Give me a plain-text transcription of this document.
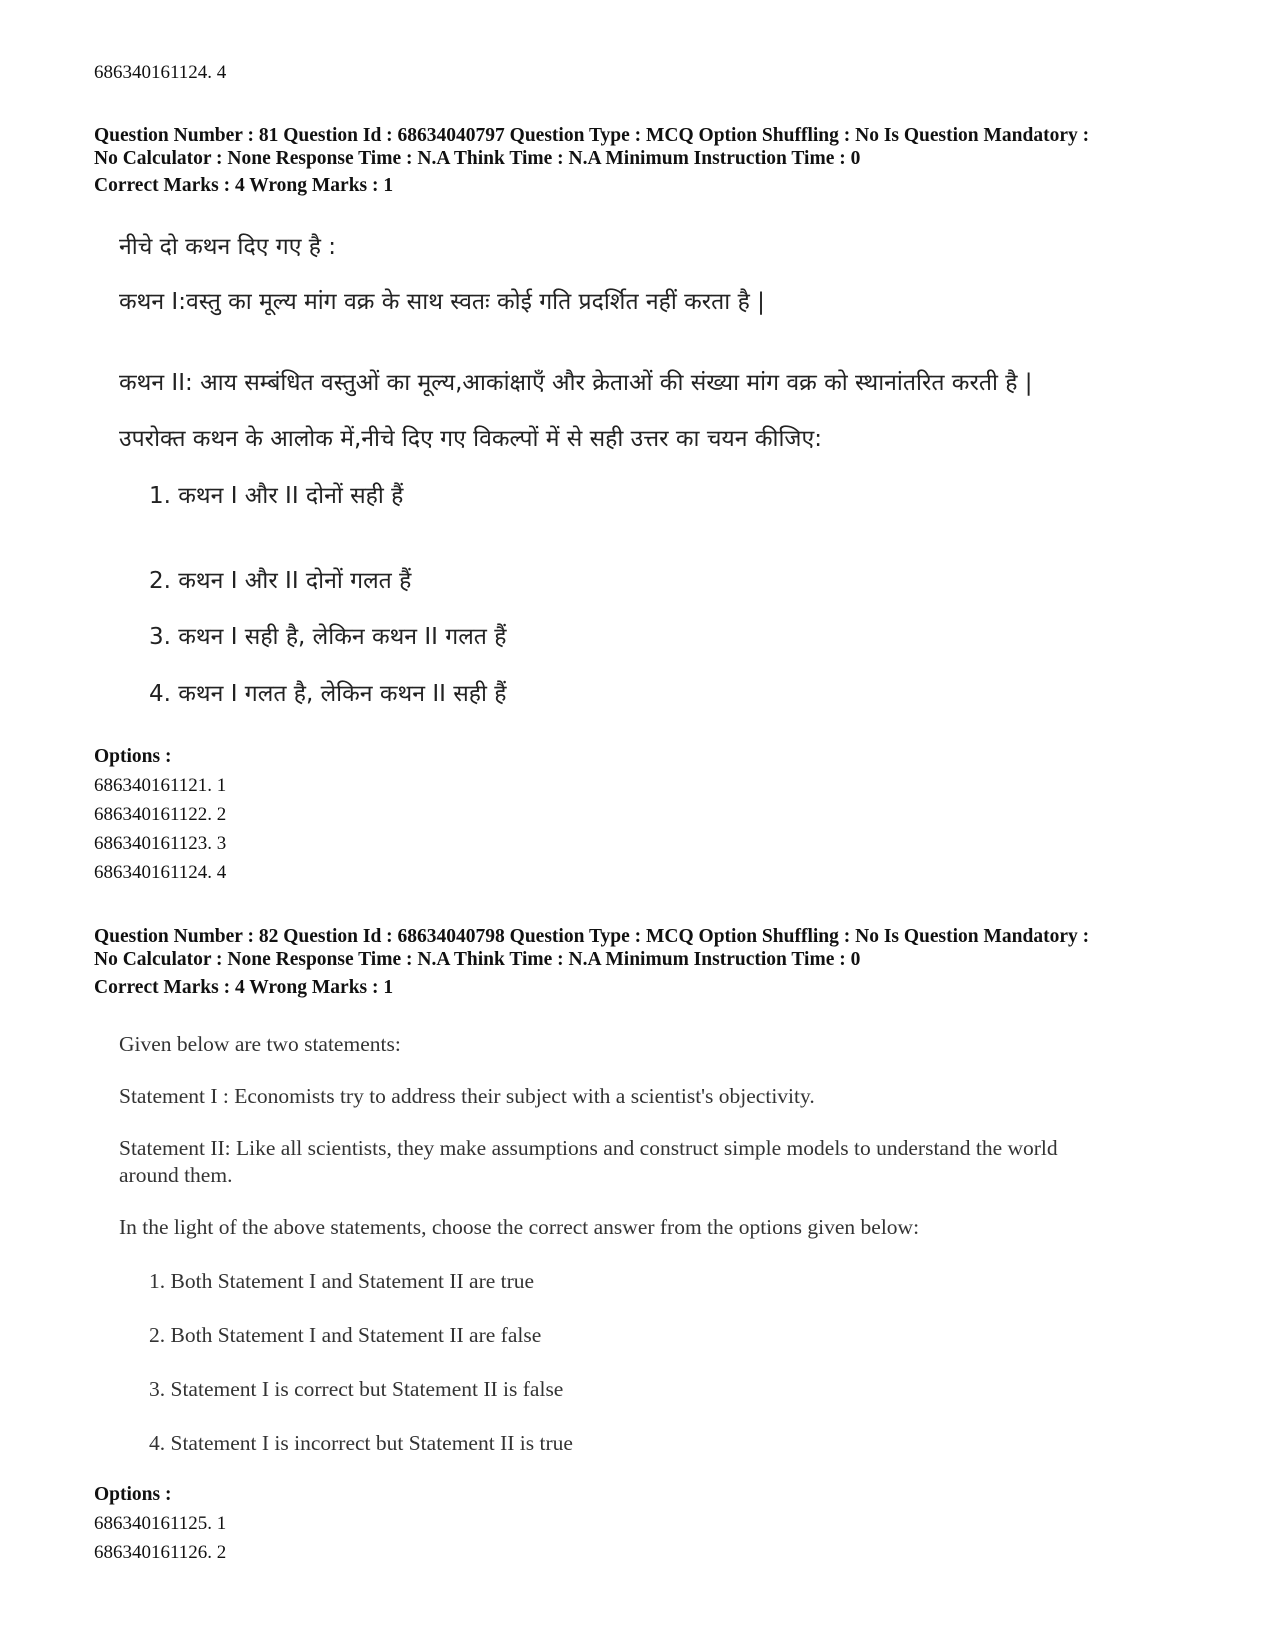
686340161124. 4
Question Number : 81 Question Id : 68634040797 Question Type : MCQ Option Shuffling : No Is Question Mandatory :
No Calculator : None Response Time : N.A Think Time : N.A Minimum Instruction Time : 0
Correct Marks : 4 Wrong Marks : 1
नीचे दो कथन दिए गए है :
कथन I:वस्तु का मूल्य मांग वक्र के साथ स्वतः कोई गति प्रदर्शित नहीं करता है |
कथन II: आय सम्बंधित वस्तुओं का मूल्य,आकांक्षाएँ और क्रेताओं की संख्या मांग वक्र को स्थानांतरित करती है |
उपरोक्त कथन के आलोक में,नीचे दिए गए विकल्पों में से सही उत्तर का चयन कीजिए:
1. कथन I और II दोनों सही हैं
2. कथन I और II दोनों गलत हैं
3. कथन I सही है, लेकिन कथन II गलत हैं
4. कथन I गलत है, लेकिन कथन II सही हैं
Options :
686340161121. 1
686340161122. 2
686340161123. 3
686340161124. 4
Question Number : 82 Question Id : 68634040798 Question Type : MCQ Option Shuffling : No Is Question Mandatory :
No Calculator : None Response Time : N.A Think Time : N.A Minimum Instruction Time : 0
Correct Marks : 4 Wrong Marks : 1
Given below are two statements:
Statement I : Economists try to address their subject with a scientist's objectivity.
Statement II: Like all scientists, they make assumptions and construct simple models to understand the world
around them.
In the light of the above statements, choose the correct answer from the options given below:
1. Both Statement I and Statement II are true
2. Both Statement I and Statement II are false
3. Statement I is correct but Statement II is false
4. Statement I is incorrect but Statement II is true
Options :
686340161125. 1
686340161126. 2
